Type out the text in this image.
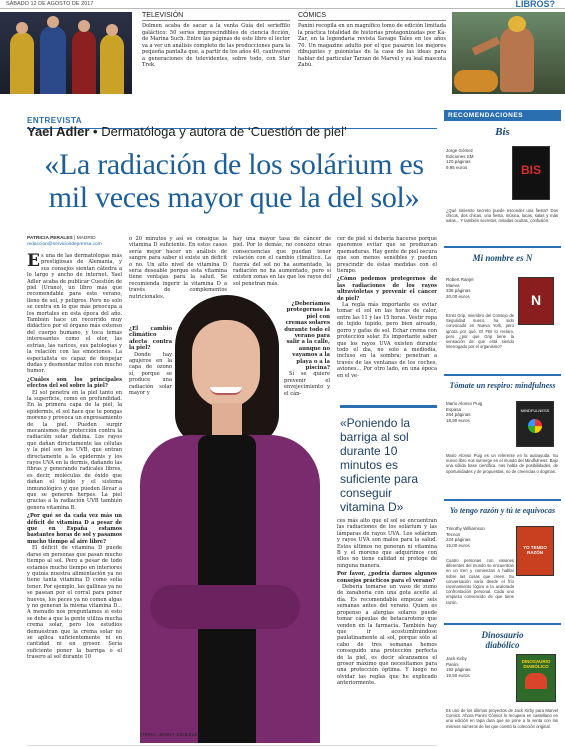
SÁBADO 12 DE AGOSTO DE 2017	LIBROS?
TELEVISIÓN
Dolmen acaba de sacar a la venta Guía del serieffilo galáctico: 50 series imprescindibles de ciencia ficción, de Marina Such. Entre las páginas de este libro el lector va a ver un análisis completo de las producciones para la pequeña pantalla que, a partir de los años 40, cautivaron a generaciones de televidentes, sobre todo, con Star Trek.
CÓMICS
Panini recopila en un magnífico tomo de edición limitada la práctica totalidad de historias protagonizadas por Ka-Zar, en la legendaria revista Savage Tales en los años 70. Un magazine adulto por el que pasaron los mejores dibujantes y guionistas de la casa de las ideas para hablar del particular Tarzan de Marvel y su leal mascota Zabú.
ENTREVISTA
Yael Adler • Dermatóloga y autora de ‘Cuestión de piel’
«La radiación de los solárium es mil veces mayor que la del sol»
PATRICIA PERALES | MADRID
redaccion@serviciosdeprensa.com
Es una de las dermatólogas más prestigiosas de Alemania, y sus consejos sientan cátedra a lo largo y ancho de internet. Yael Adler acaba de publicar Cuestión de piel (Urano), un libro más que recomendable para este verano, lleno de sol, y peligros. Pero no solo se centra en lo que más preocupa a los mortales en esta época del año. También hace un recorrido muy didáctico por el órgano más extenso del cuerpo humano, y toca temas interesantes como el olor, las estrías, las varices, sus patologías y la relación con las emociones. La especialista es capaz de despejar dudas y desmontar mitos con mucho humor.
¿Cuáles son los principales efectos del sol sobre la piel?
El sol penetra en la piel tanto en la superficie, como en profundidad. En la primera capa de la piel, la epidermis, el sol hace que te pongas moreno y provoca un engrosamiento de la piel. Pueden surgir mecanismos de protección contra la radiación solar dañina. Los rayos que dañan directamente las células y la piel son los UVB, que entran directamente a la epidermis y los rayos UVA en la dermis, dañando las fibras y generando radicales libres, es decir, moléculas de óxido que dañan el tejido y el sistema inmunológico y que pueden llevar a que se generen herpes. La piel gracias a la radiación UVB también genera vitamina B.
¿Por qué se da cada vez más un déficit de vitamina D a pesar de que en España estamos bastantes horas de sol y pasamos mucho tiempo al aire libre?
El déficit de vitamina D puede darse en personas que pasan mucho tiempo al sol. Pero a pesar de todo estamos mucho tiempo en interiores y quizás nuestra alimentación ya no tiene tanta vitamina D como solía tener. Por ejemplo, las gallinas ya no se pasean por el corral para poner huevos, los peces ya no comen algas y no generan la misma vitamina D... A menudo nos preguntamos si esto se debe a que la gente utiliza mucha crema solar, pero los estudios demuestran que la crema solar no se aplica suficientemente ni en cantidad ni en grosor. Sería suficiente poner la barriga o el trasero al sol durante 10
o 20 minutos y así se consigue la vitamina D suficiente. En estos casos sería mejor hacer un análisis de sangre para saber si existe un déficit o no. Un alto nivel de vitamina D sería deseable porque esta vitamina tiene ventajas para la salud. Se recomienda ingerir la vitamina D a través de complementos nutricionales.
¿El cambio climático afecta contra la piel?
Donde hay agujeros en la capa de ozono sí, porque se produce una radiación solar mayor y
hay una mayor tasa de cáncer de piel. Por lo demás, no conozco otras consecuencias que puedan tener relación con el cambio climático. La fuerza del sol no ha aumentado, la radiación no ha aumentado, pero sí existen zonas en las que los rayos del sol penetran más.
¿Deberíamos protegernos la piel con cremas solares durante todo el verano para salir a la calle, aunque no vayamos a la playa o a la piscina?
Sí se quiere prevenir el envejecimiento y el cán-
cer de piel sí debería hacerse porque queremos evitar que se produzcan quemaduras. Hay gente de piel oscura que son menos sensibles y pueden prescindir de estas medidas con el tiempo.
¿Cómo podemos protegernos de las radiaciones de los rayos ultravioletas y prevenir el cáncer de piel?
La regla más importante es evitar tomar el sol en las horas de calor, entre las 11 y las 15 horas. Vestir ropa de tejido tupido, pero bien aireado, gorro y gafas de sol. Echar crema con protección solar. Es importante saber que los rayos UVA existen durante todo el día, no solo a mediodía, incluso en la sombra; penetran a través de las ventanas de los coches, aviones... Por otro lado, en una época en el ve-
«Poniendo la barriga al sol durante 10 minutos es suficiente para conseguir vitamina D»
ces más alto que el sol se encuentran las radiaciones de los solárium y las lámparas de rayos UVA. Los solárium y rayos UVA son malos para la salud. Estos últimos no generan ni vitamina B y el moreno que adquirimos con ellos no tiene calidad ni protege de ninguna manera.
Por favor, ¿podría darnos algunos consejos prácticos para el verano?
Debería tomarse un vaso de zumo de zanahoria con una gota aceite al día. Es recomendable empezar seis semanas antes del verano. Quien es propenso a alergias solares puede tomar cápsulas de betacaroteno que venden en la farmacia. También hay que ir acostumbrándose paulatinamente al sol, porque sólo al cabo de tres semanas hemos conseguido una protección perfecta de la piel, es decir alcanzamos el grosor máximo que necesitamos para una protección óptima. Y luego no olvidar las reglas que he explicado anteriormente.
FIRMA: JENNY SIEBOLDT
RECOMENDACIONES
Bis
Jorge Gómez
Ediciones SM
120 páginas
9,95 euros	BIS
¿Qué siniestro secreto puede esconder una fiesta? Dos chicos, dos chicas, una fiesta, música, lacas, salas y más salas... Y también secretos, miradas ocultas, confusión.
Mi nombre es N
Robert Ranjel
Maeva
336 páginas
20,00 euros	N
Ernst Grip, miembro del Consejo de Seguridad sueco, ha sido convocado en Nueva York, pero ignora por qué. El FBI lo reclam, pero ¿por qué Grip tiene la sensación de que está siendo interrogado por el organismo?
Tómate un respiro: mindfulness
Mario Alonso Puig
Espasa
264 páginas
18,90 euros
MINDFULNESS
Mario Alonso Puig es un referente en la autoayuda. Su nuevo libro nos sumerge en el mundo del Mindfulness. Bajo una sólida base científica, nos habla de posibilidades, de oportunidades y de propuestas, no de creencias o dogmas.
Yo tengo razón y tú te equivocas
Timothy Williamson
Tecnos
224 páginas
15,00 euros	YO TENGO RAZÓN
Cuatro personas con visiones diferentes del mundo se encuentran en un tren y comienzan a hablar sobre las cosas que creen. Su conversación varía desde el frío razonamiento lógico a la acalorada confrontación personal. Cada uno empieza convencido de que tiene razón.
Dinosaurio diabólico
Jack Kirby
Panini
192 páginas
19,50 euros
DINOSAURIO DIABÓLICO
Es uno de los últimos proyectos de Jack Kirby para Marvel Comics. Ahora Panini Cómics lo recupera en castellano en una edición en tapa dura que se pone a la venta con los mismos números de los que constó la colección original.
